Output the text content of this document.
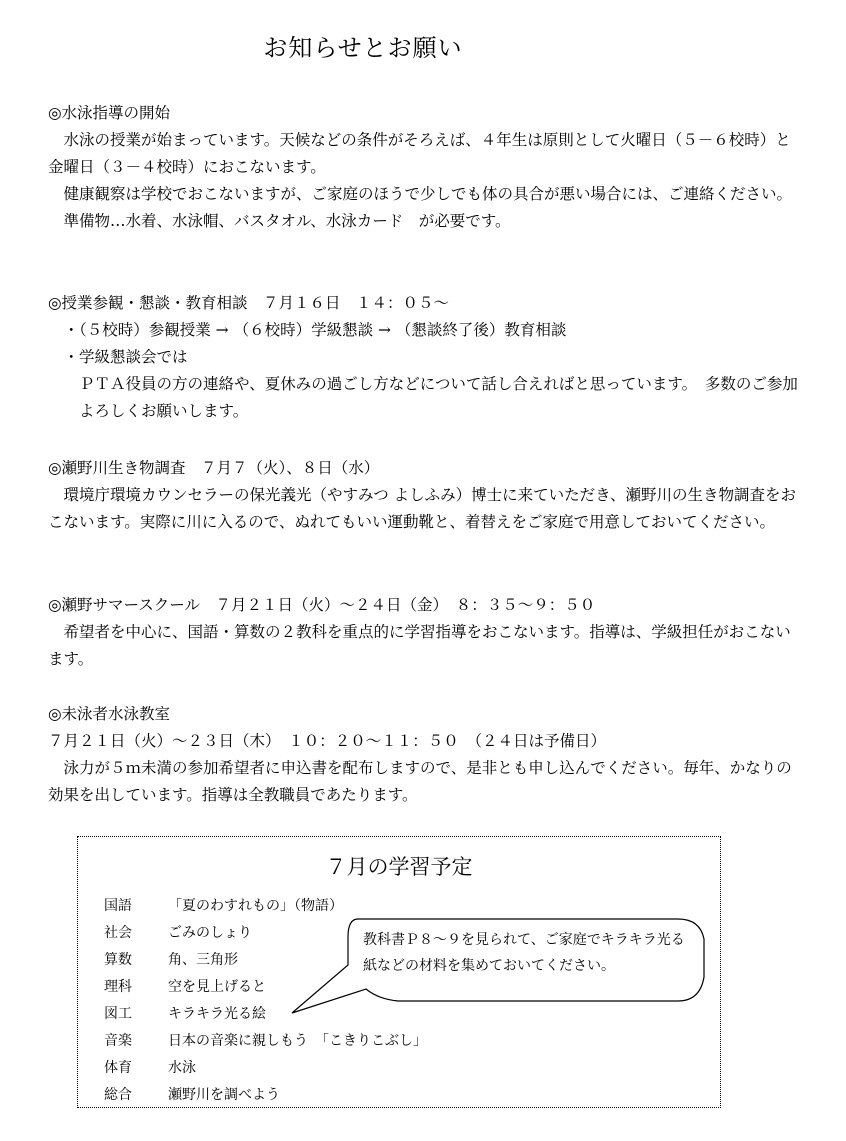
お知らせとお願い

◎水泳指導の開始

水泳の授業が始まっています。天候などの条件がそろえば、４年生は原則として火曜日（５－６校時）と金曜日（３－４校時）におこないます。

健康観察は学校でおこないますが、ご家庭のほうで少しでも体の具合が悪い場合には、ご連絡ください。

準備物…水着、水泳帽、バスタオル、水泳カード　が必要です。

◎授業参観・懇談・教育相談　７月１６日　１４：０５～

・（５校時）参観授業 → （６校時）学級懇談 → （懇談終了後）教育相談

・学級懇談会では

ＰＴＡ役員の方の連絡や、夏休みの過ごし方などについて話し合えればと思っています。　多数のご参加よろしくお願いします。

◎瀬野川生き物調査　７月７（火）、８日（水）

環境庁環境カウンセラーの保光義光（やすみつ よしふみ）博士に来ていただき、瀬野川の生き物調査をおこないます。実際に川に入るので、ぬれてもいい運動靴と、着替えをご家庭で用意しておいてください。

◎瀬野サマースクール　７月２１日（火）～２４日（金）　８：３５～９：５０

希望者を中心に、国語・算数の２教科を重点的に学習指導をおこないます。指導は、学級担任がおこないます。

◎未泳者水泳教室

７月２１日（火）～２３日（木）　１０：２０～１１：５０　（２４日は予備日）

泳力が５ｍ未満の参加希望者に申込書を配布しますので、是非とも申し込んでください。毎年、かなりの効果を出しています。指導は全教職員であたります。

７月の学習予定
教科書Ｐ８～９を見られて、ご家庭でキラキラ光る紙などの材料を集めておいてください。
国語	「夏のわすれもの」（物語）
社会	ごみのしょり
算数	角、三角形
理科	空を見上げると
図工	キラキラ光る絵
音楽	日本の音楽に親しもう　「こきりこぶし」
体育	水泳
総合	瀬野川を調べよう
